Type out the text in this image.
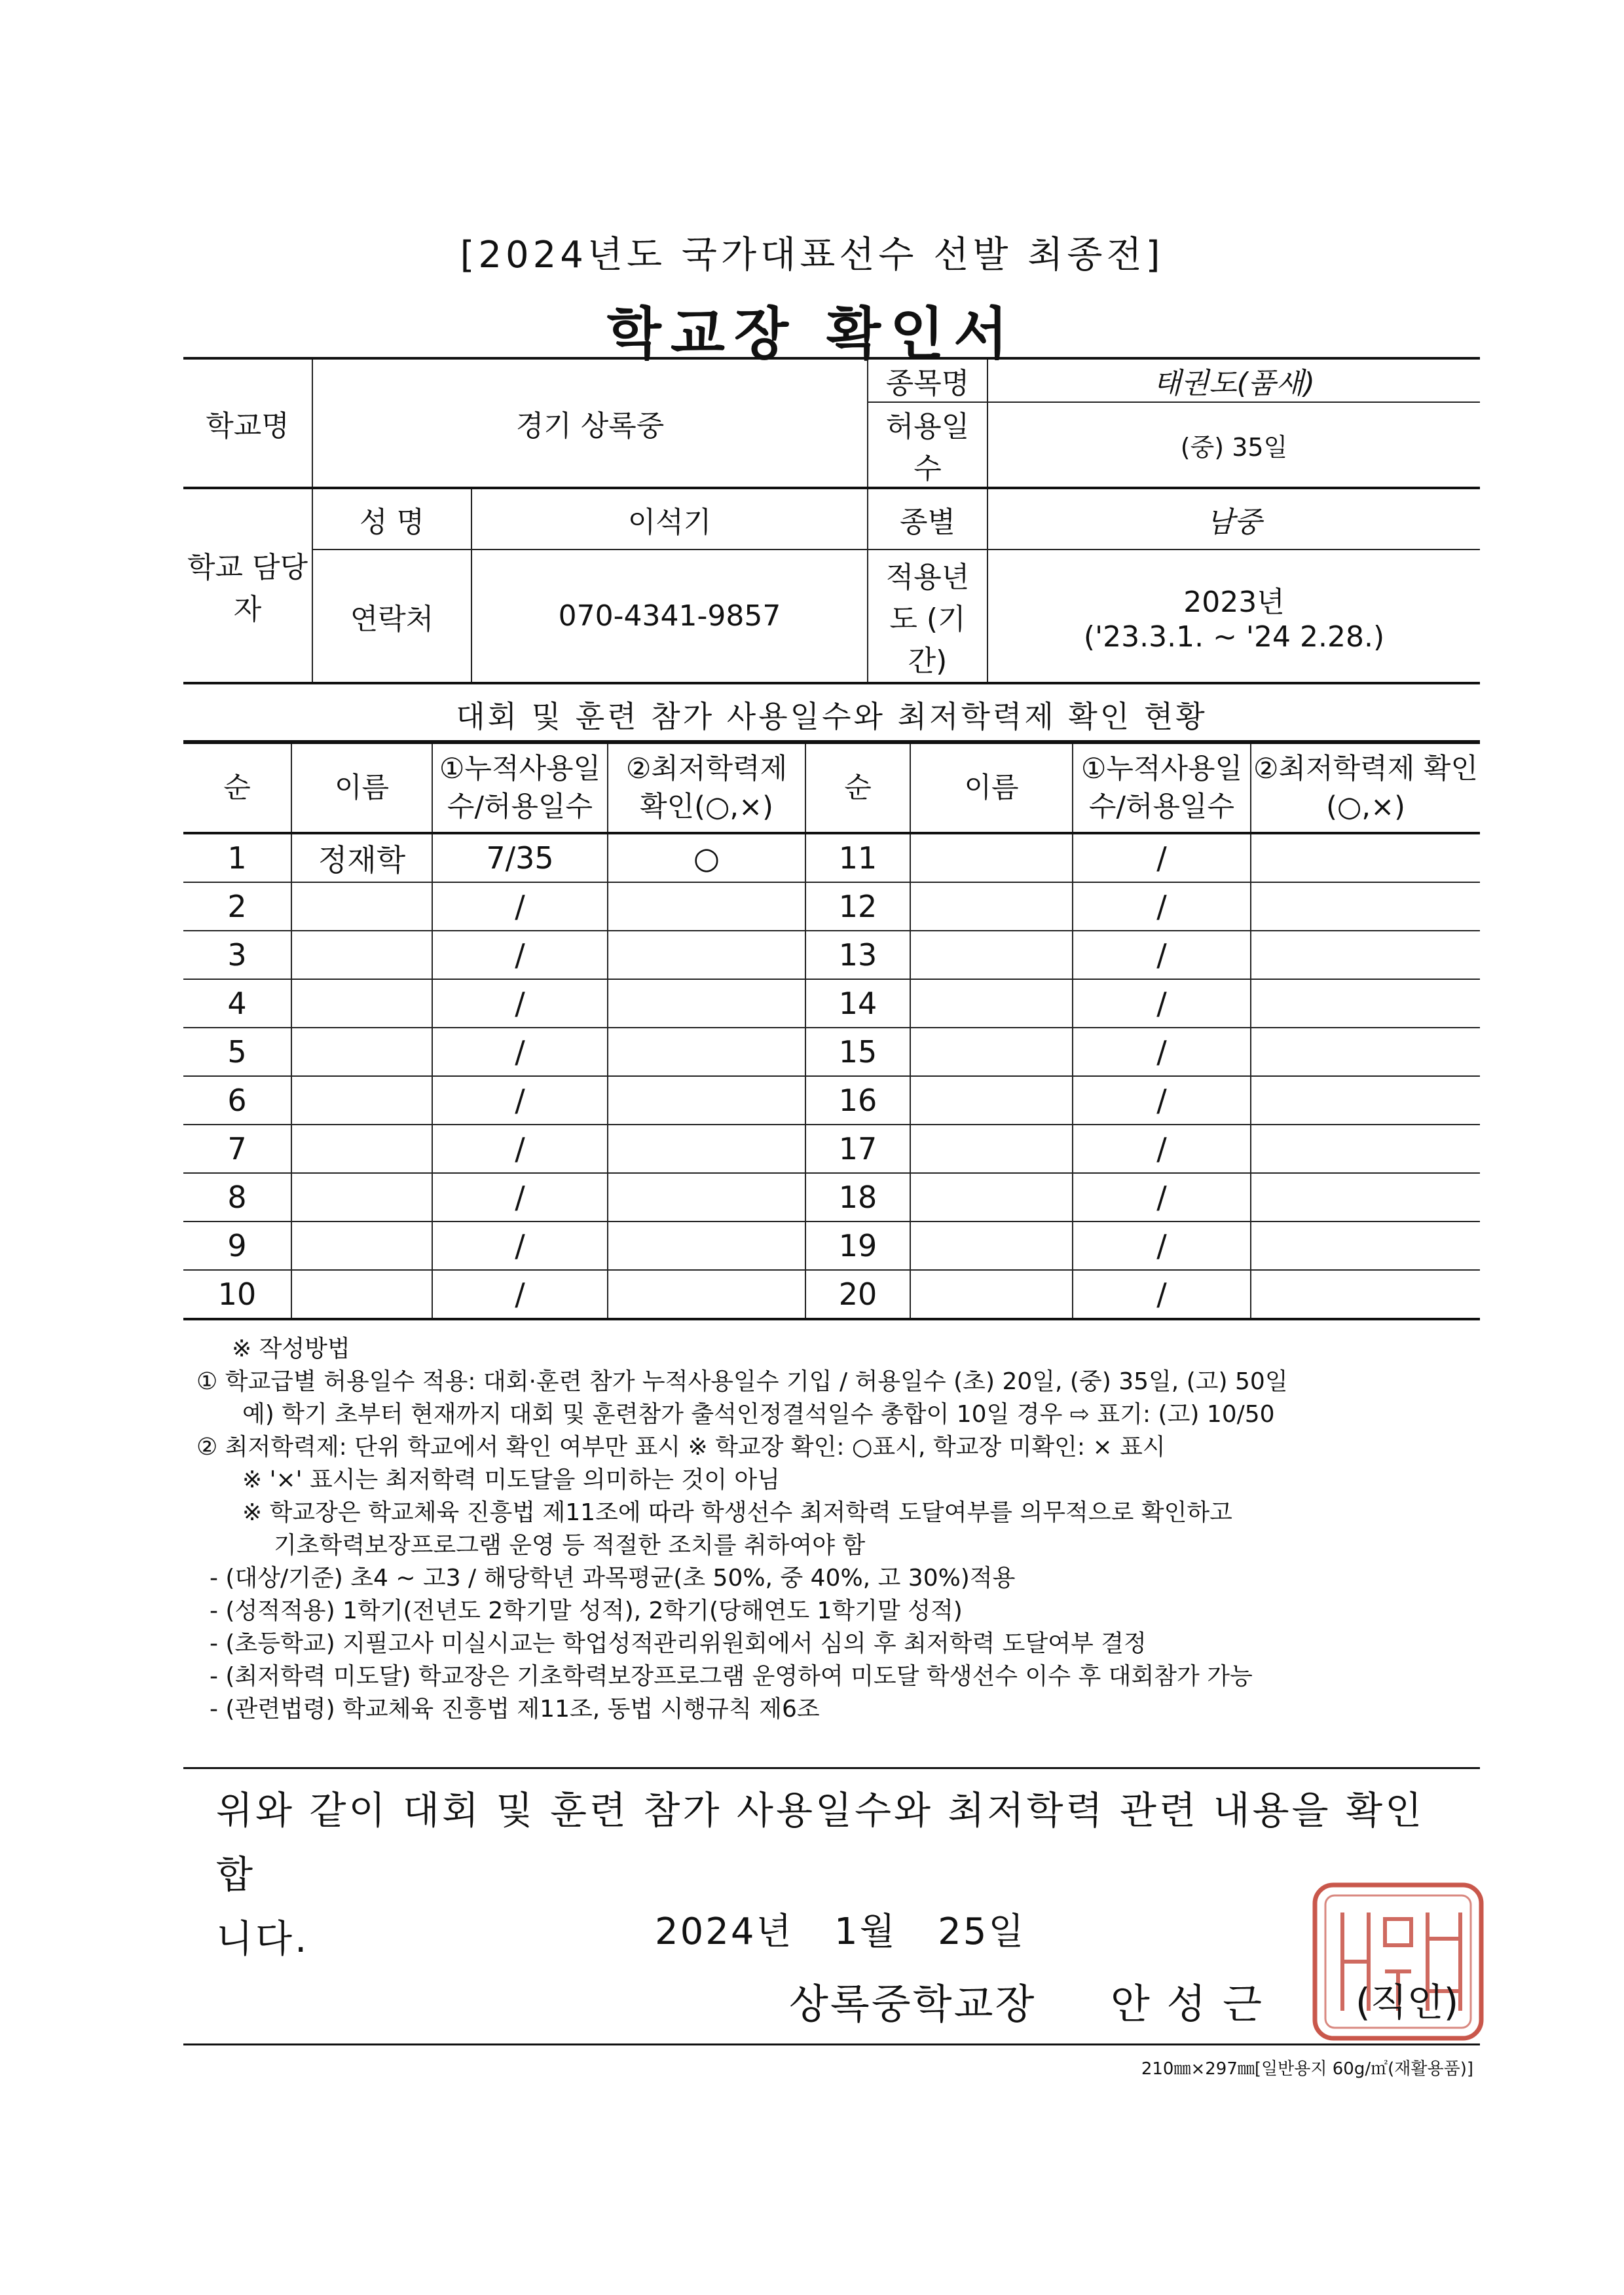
[2024년도 국가대표선수 선발 최종전]
학교장 확인서
학교명	경기 상록중		종목명	태권도(품새)
			허용일수	(중) 35일
학교 담당자	성 명	이석기	종별	남중
	연락처	070-4341-9857	적용년도 (기간)	2023년
('23.3.1. ~ '24 2.28.)
대회 및 훈련 참가 사용일수와 최저학력제 확인 현황
순	이름	①누적사용일수/허용일수	②최저학력제 확인(○,×)	순	이름	①누적사용일수/허용일수	②최저학력제 확인(○,×)
1	정재학	7/35	○	11		/	
2		/		12		/	
3		/		13		/	
4		/		14		/	
5		/		15		/	
6		/		16		/	
7		/		17		/	
8		/		18		/	
9		/		19		/	
10		/		20		/	
※ 작성방법
① 학교급별 허용일수 적용: 대회·훈련 참가 누적사용일수 기입 / 허용일수 (초) 20일, (중) 35일, (고) 50일
예) 학기 초부터 현재까지 대회 및 훈련참가 출석인정결석일수 총합이 10일 경우 ⇨ 표기: (고) 10/50
② 최저학력제: 단위 학교에서 확인 여부만 표시 ※ 학교장 확인: ○표시, 학교장 미확인: × 표시
※ '×' 표시는 최저학력 미도달을 의미하는 것이 아님
※ 학교장은 학교체육 진흥법 제11조에 따라 학생선수 최저학력 도달여부를 의무적으로 확인하고
기초학력보장프로그램 운영 등 적절한 조치를 취하여야 함
- (대상/기준) 초4 ~ 고3 / 해당학년 과목평균(초 50%, 중 40%, 고 30%)적용
- (성적적용) 1학기(전년도 2학기말 성적), 2학기(당해연도 1학기말 성적)
- (초등학교) 지필고사 미실시교는 학업성적관리위원회에서 심의 후 최저학력 도달여부 결정
- (최저학력 미도달) 학교장은 기초학력보장프로그램 운영하여 미도달 학생선수 이수 후 대회참가 가능
- (관련법령) 학교체육 진흥법 제11조, 동법 시행규칙 제6조
위와 같이 대회 및 훈련 참가 사용일수와 최저학력 관련 내용을 확인합
니다.	2024년   1월   25일
상록중학교장     안 성 근 (직인)
210㎜×297㎜[일반용지 60g/㎡(재활용품)]
